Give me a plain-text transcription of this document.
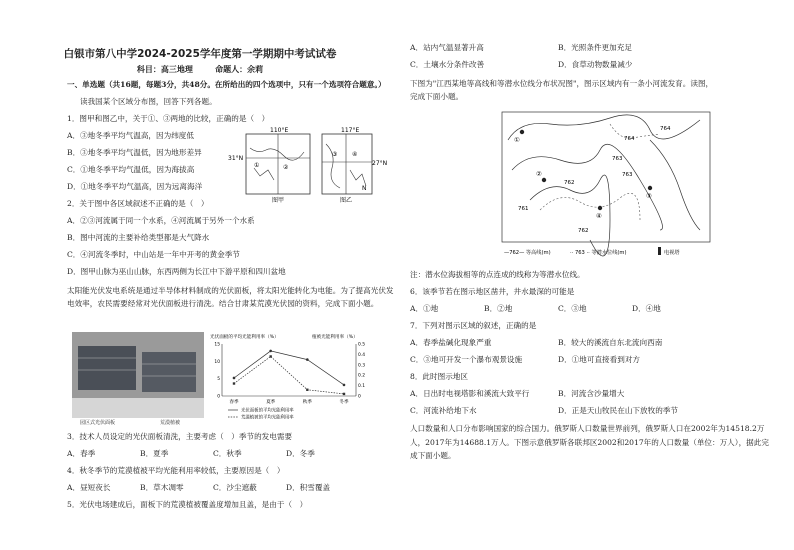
白银市第八中学2024-2025学年度第一学期期中考试试卷
科目：高三地理	命题人：余莉
一、单选题（共16题，每题3分，共48分。在所给出的四个选项中，只有一个选项符合题意。）
读我国某个区域分布图，回答下列各题。
1．图甲和图乙中，关于①、③两地的比较，正确的是（　）
A．③地冬季平均气温高，因为纬度低
B．③地冬季平均气温低，因为地形差异
C．①地冬季平均气温低，因为海拔高
D．①地冬季平均气温高，因为远离海洋
110°E	117°E
31°N
27°N
①	②
图甲
③ ④
N
图乙
2．关于图中各区域叙述不正确的是（　）
A．②③河流属于同一个水系，④河流属于另外一个水系
B．图中河流的主要补给类型都是大气降水
C．④河流冬季时，中山站是一年中开考的黄金季节
D．图甲山脉为巫山山脉，东西两侧为长江中下游平原和四川盆地
太阳能光伏发电系统是通过半导体材料制成的光伏面板，将太阳光能转化为电能。为了提高光伏发电效率，农民需要经常对光伏面板进行清洗。结合甘肃某荒漠光伏园的资料，完成下面小题。
园区式光伏面板	荒漠植被
光伏面板的平均光能利用率（%）	植被光能利用率（%）
0
5
10
15
0
0.1
0.2
0.3
0.4
0.5
春季	夏季	秋季	冬季
光伏面板的平均光能利用率
荒漠植被的平均光能利用率
3．技术人员设定的光伏面板清洗，主要考虑（　）季节的发电需要
A．春季	B．夏季	C．秋季	D．冬季
4．秋冬季节的荒漠植被平均光能利用率较低，主要原因是（　）
A．昼短夜长	B．草木凋零	C．沙尘遮蔽	D．积雪覆盖
5．光伏电场建成后，面板下的荒漠植被覆盖度增加且盖，是由于（　）
A．站内气温显著升高	B．光照条件更加充足
C．土壤水分条件改善	D．食草动物数量减少
下图为"江西某地等高线和等潜水位线分布状况图"，图示区域内有一条小河流发育。读图，完成下面小题。
①
②
③
④
764
763
762
761
762
763
764
—762— 等高线(m)	·· 763 ·· 等潜水位线(m)	电视塔
注：潜水位海拔相等的点连成的线称为等潜水位线。
6．该季节若在图示地区凿井，井水最深的可能是
A．①地	B．②地	C．③地	D．④地
7．下列对图示区域的叙述，正确的是
A．春季盐碱化现象严重	B．较大的溪流自东北流向西南
C．③地可开发一个瀑布观景设施	D．①地可直接看到对方
8．此时图示地区
A．日出时电视塔影和溪流大致平行	B．河流含沙量增大
C．河流补给地下水	D．正是天山牧民在山下放牧的季节
人口数量和人口分布影响国家的综合国力。俄罗斯人口数量世界前列，俄罗斯人口在2002年为14518.2万人，2017年为14688.1万人。下图示意俄罗斯各联邦区2002和2017年的人口数量（单位：万人），据此完成下面小题。
